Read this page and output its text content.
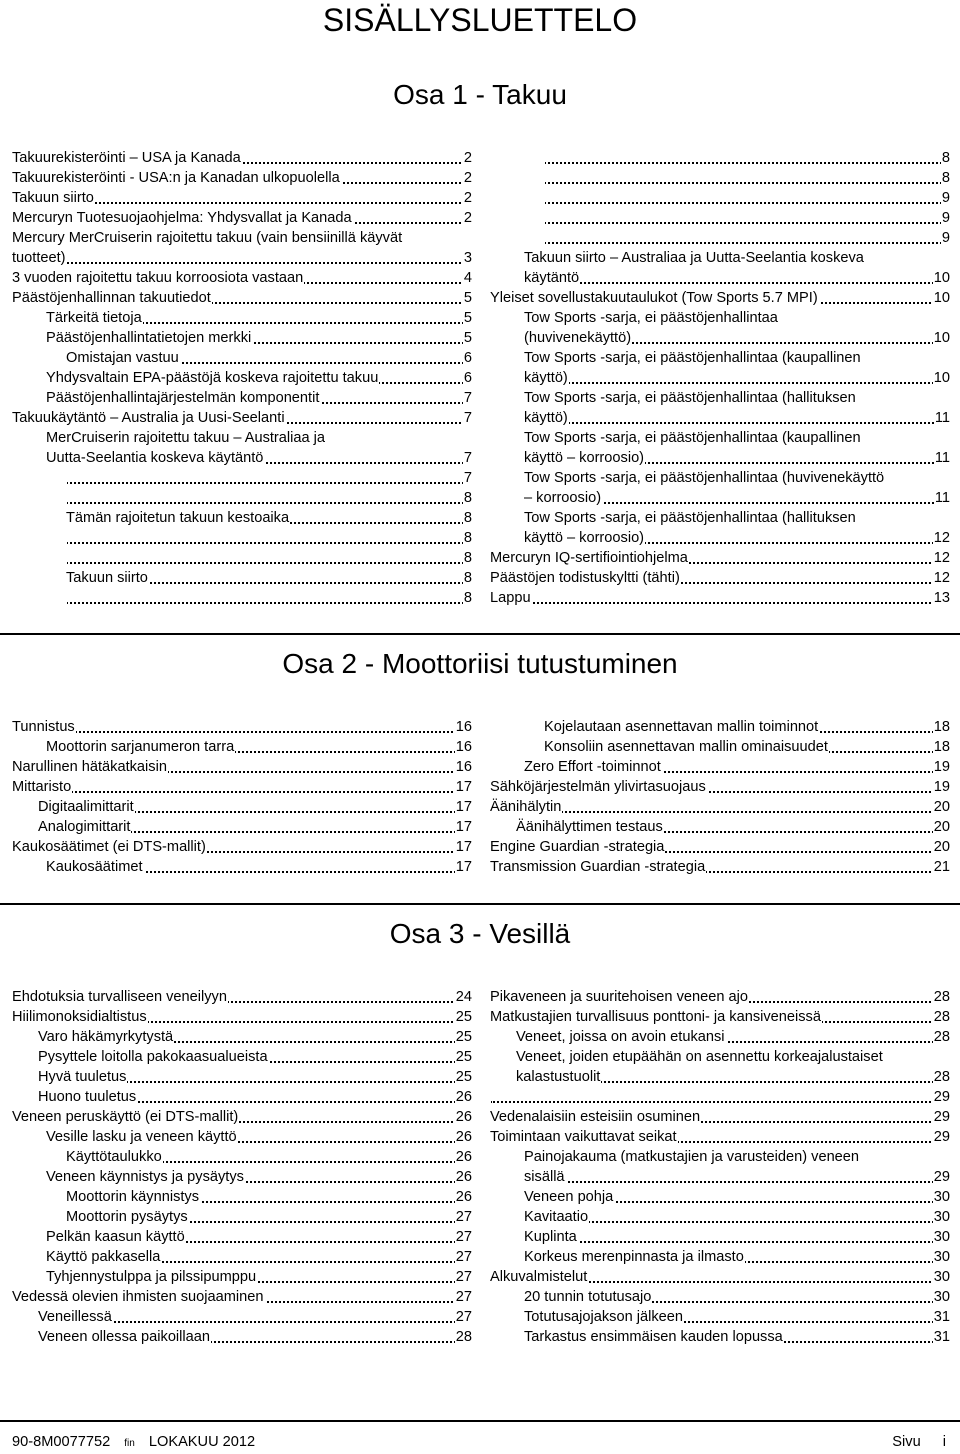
SISÄLLYSLUETTELO
Osa 1 - Takuu
Takuurekisteröinti – USA ja Kanada	2
Takuurekisteröinti - USA:n ja Kanadan ulkopuolella	2
Takuun siirto	2
Mercuryn Tuotesuojaohjelma: Yhdysvallat ja Kanada	2
Mercury MerCruiserin rajoitettu takuu (vain bensiinillä käyvät
tuotteet)	3
3 vuoden rajoitettu takuu korroosiota vastaan	4
Päästöjenhallinnan takuutiedot	5
Tärkeitä tietoja	5
Päästöjenhallintatietojen merkki	5
Omistajan vastuu	6
Yhdysvaltain EPA-päästöjä koskeva rajoitettu takuu	6
Päästöjenhallintajärjestelmän komponentit	7
Takuukäytäntö – Australia ja Uusi-Seelanti	7
MerCruiserin rajoitettu takuu – Australiaa ja
Uutta-Seelantia koskeva käytäntö	7
7
8
Tämän rajoitetun takuun kestoaika	8
8
8
Takuun siirto	8
8
8
8
9
9
9
Takuun siirto – Australiaa ja Uutta-Seelantia koskeva
käytäntö	10
Yleiset sovellustakuutaulukot (Tow Sports 5.7 MPI)	10
Tow Sports -sarja, ei päästöjenhallintaa
(huvivenekäyttö)	10
Tow Sports -sarja, ei päästöjenhallintaa (kaupallinen
käyttö)	10
Tow Sports -sarja, ei päästöjenhallintaa (hallituksen
käyttö)	11
Tow Sports -sarja, ei päästöjenhallintaa (kaupallinen
käyttö – korroosio)	11
Tow Sports -sarja, ei päästöjenhallintaa (huvivenekäyttö
– korroosio)	11
Tow Sports -sarja, ei päästöjenhallintaa (hallituksen
käyttö – korroosio)	12
Mercuryn IQ-sertifiointiohjelma	12
Päästöjen todistuskyltti (tähti)	12
Lappu	13
Osa 2 - Moottoriisi tutustuminen
Tunnistus	16
Moottorin sarjanumeron tarra	16
Narullinen hätäkatkaisin	16
Mittaristo	17
Digitaalimittarit	17
Analogimittarit	17
Kaukosäätimet (ei DTS-mallit)	17
Kaukosäätimet	17
Kojelautaan asennettavan mallin toiminnot	18
Konsoliin asennettavan mallin ominaisuudet	18
Zero Effort -toiminnot	19
Sähköjärjestelmän ylivirtasuojaus	19
Äänihälytin	20
Äänihälyttimen testaus	20
Engine Guardian -strategia	20
Transmission Guardian -strategia	21
Osa 3 - Vesillä
Ehdotuksia turvalliseen veneilyyn	24
Hiilimonoksidialtistus	25
Varo häkämyrkytystä	25
Pysyttele loitolla pakokaasualueista	25
Hyvä tuuletus	25
Huono tuuletus	26
Veneen peruskäyttö (ei DTS-mallit)	26
Vesille lasku ja veneen käyttö	26
Käyttötaulukko	26
Veneen käynnistys ja pysäytys	26
Moottorin käynnistys	26
Moottorin pysäytys	27
Pelkän kaasun käyttö	27
Käyttö pakkasella	27
Tyhjennystulppa ja pilssipumppu	27
Vedessä olevien ihmisten suojaaminen	27
Veneillessä	27
Veneen ollessa paikoillaan	28
Pikaveneen ja suuritehoisen veneen ajo	28
Matkustajien turvallisuus ponttoni- ja kansiveneissä	28
Veneet, joissa on avoin etukansi	28
Veneet, joiden etupäähän on asennettu korkeajalustaiset
kalastustuolit	28
29
Vedenalaisiin esteisiin osuminen	29
Toimintaan vaikuttavat seikat	29
Painojakauma (matkustajien ja varusteiden) veneen
sisällä	29
Veneen pohja	30
Kavitaatio	30
Kuplinta	30
Korkeus merenpinnasta ja ilmasto	30
Alkuvalmistelut	30
20 tunnin totutusajo	30
Totutusajojakson jälkeen	31
Tarkastus ensimmäisen kauden lopussa	31
90-8M0077752 fin LOKAKUU 2012	Sivu i
